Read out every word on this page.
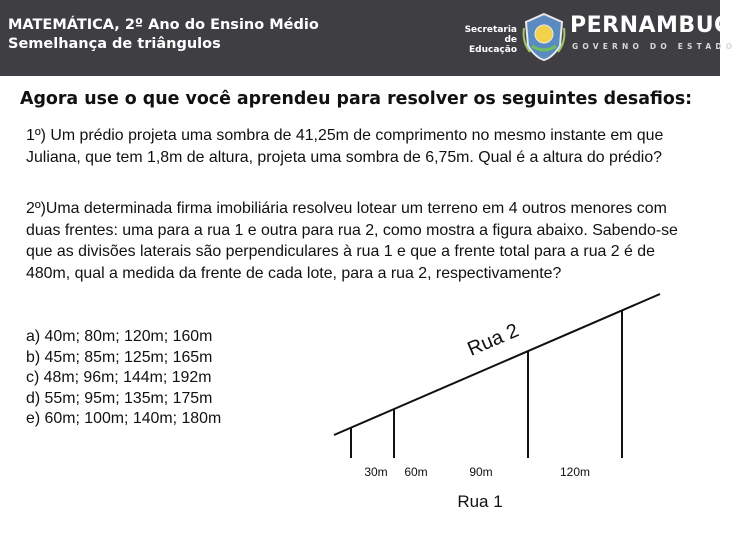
MATEMÁTICA, 2º Ano do Ensino Médio
Semelhança de triângulos
Secretaria de
Educação
PERNAMBUCO
GOVERNO DO ESTADO
Agora use o que você aprendeu para resolver os seguintes desafios:
1º) Um prédio projeta uma sombra de 41,25m de comprimento no mesmo instante em que Juliana, que tem 1,8m de altura, projeta uma sombra de 6,75m. Qual é a altura do prédio?
2º)Uma determinada firma imobiliária resolveu lotear um terreno em 4 outros menores com duas frentes: uma para a rua 1 e outra para rua 2, como mostra a figura abaixo. Sabendo-se que as divisões laterais são perpendiculares à rua 1 e que a frente total para a rua 2 é de 480m, qual a medida da frente de cada lote, para a rua 2, respectivamente?
a) 40m; 80m; 120m; 160m
b) 45m; 85m; 125m; 165m
c) 48m; 96m; 144m; 192m
d) 55m; 95m; 135m; 175m
e) 60m; 100m; 140m; 180m
Rua 2
30m 60m	90m	120m
Rua 1
